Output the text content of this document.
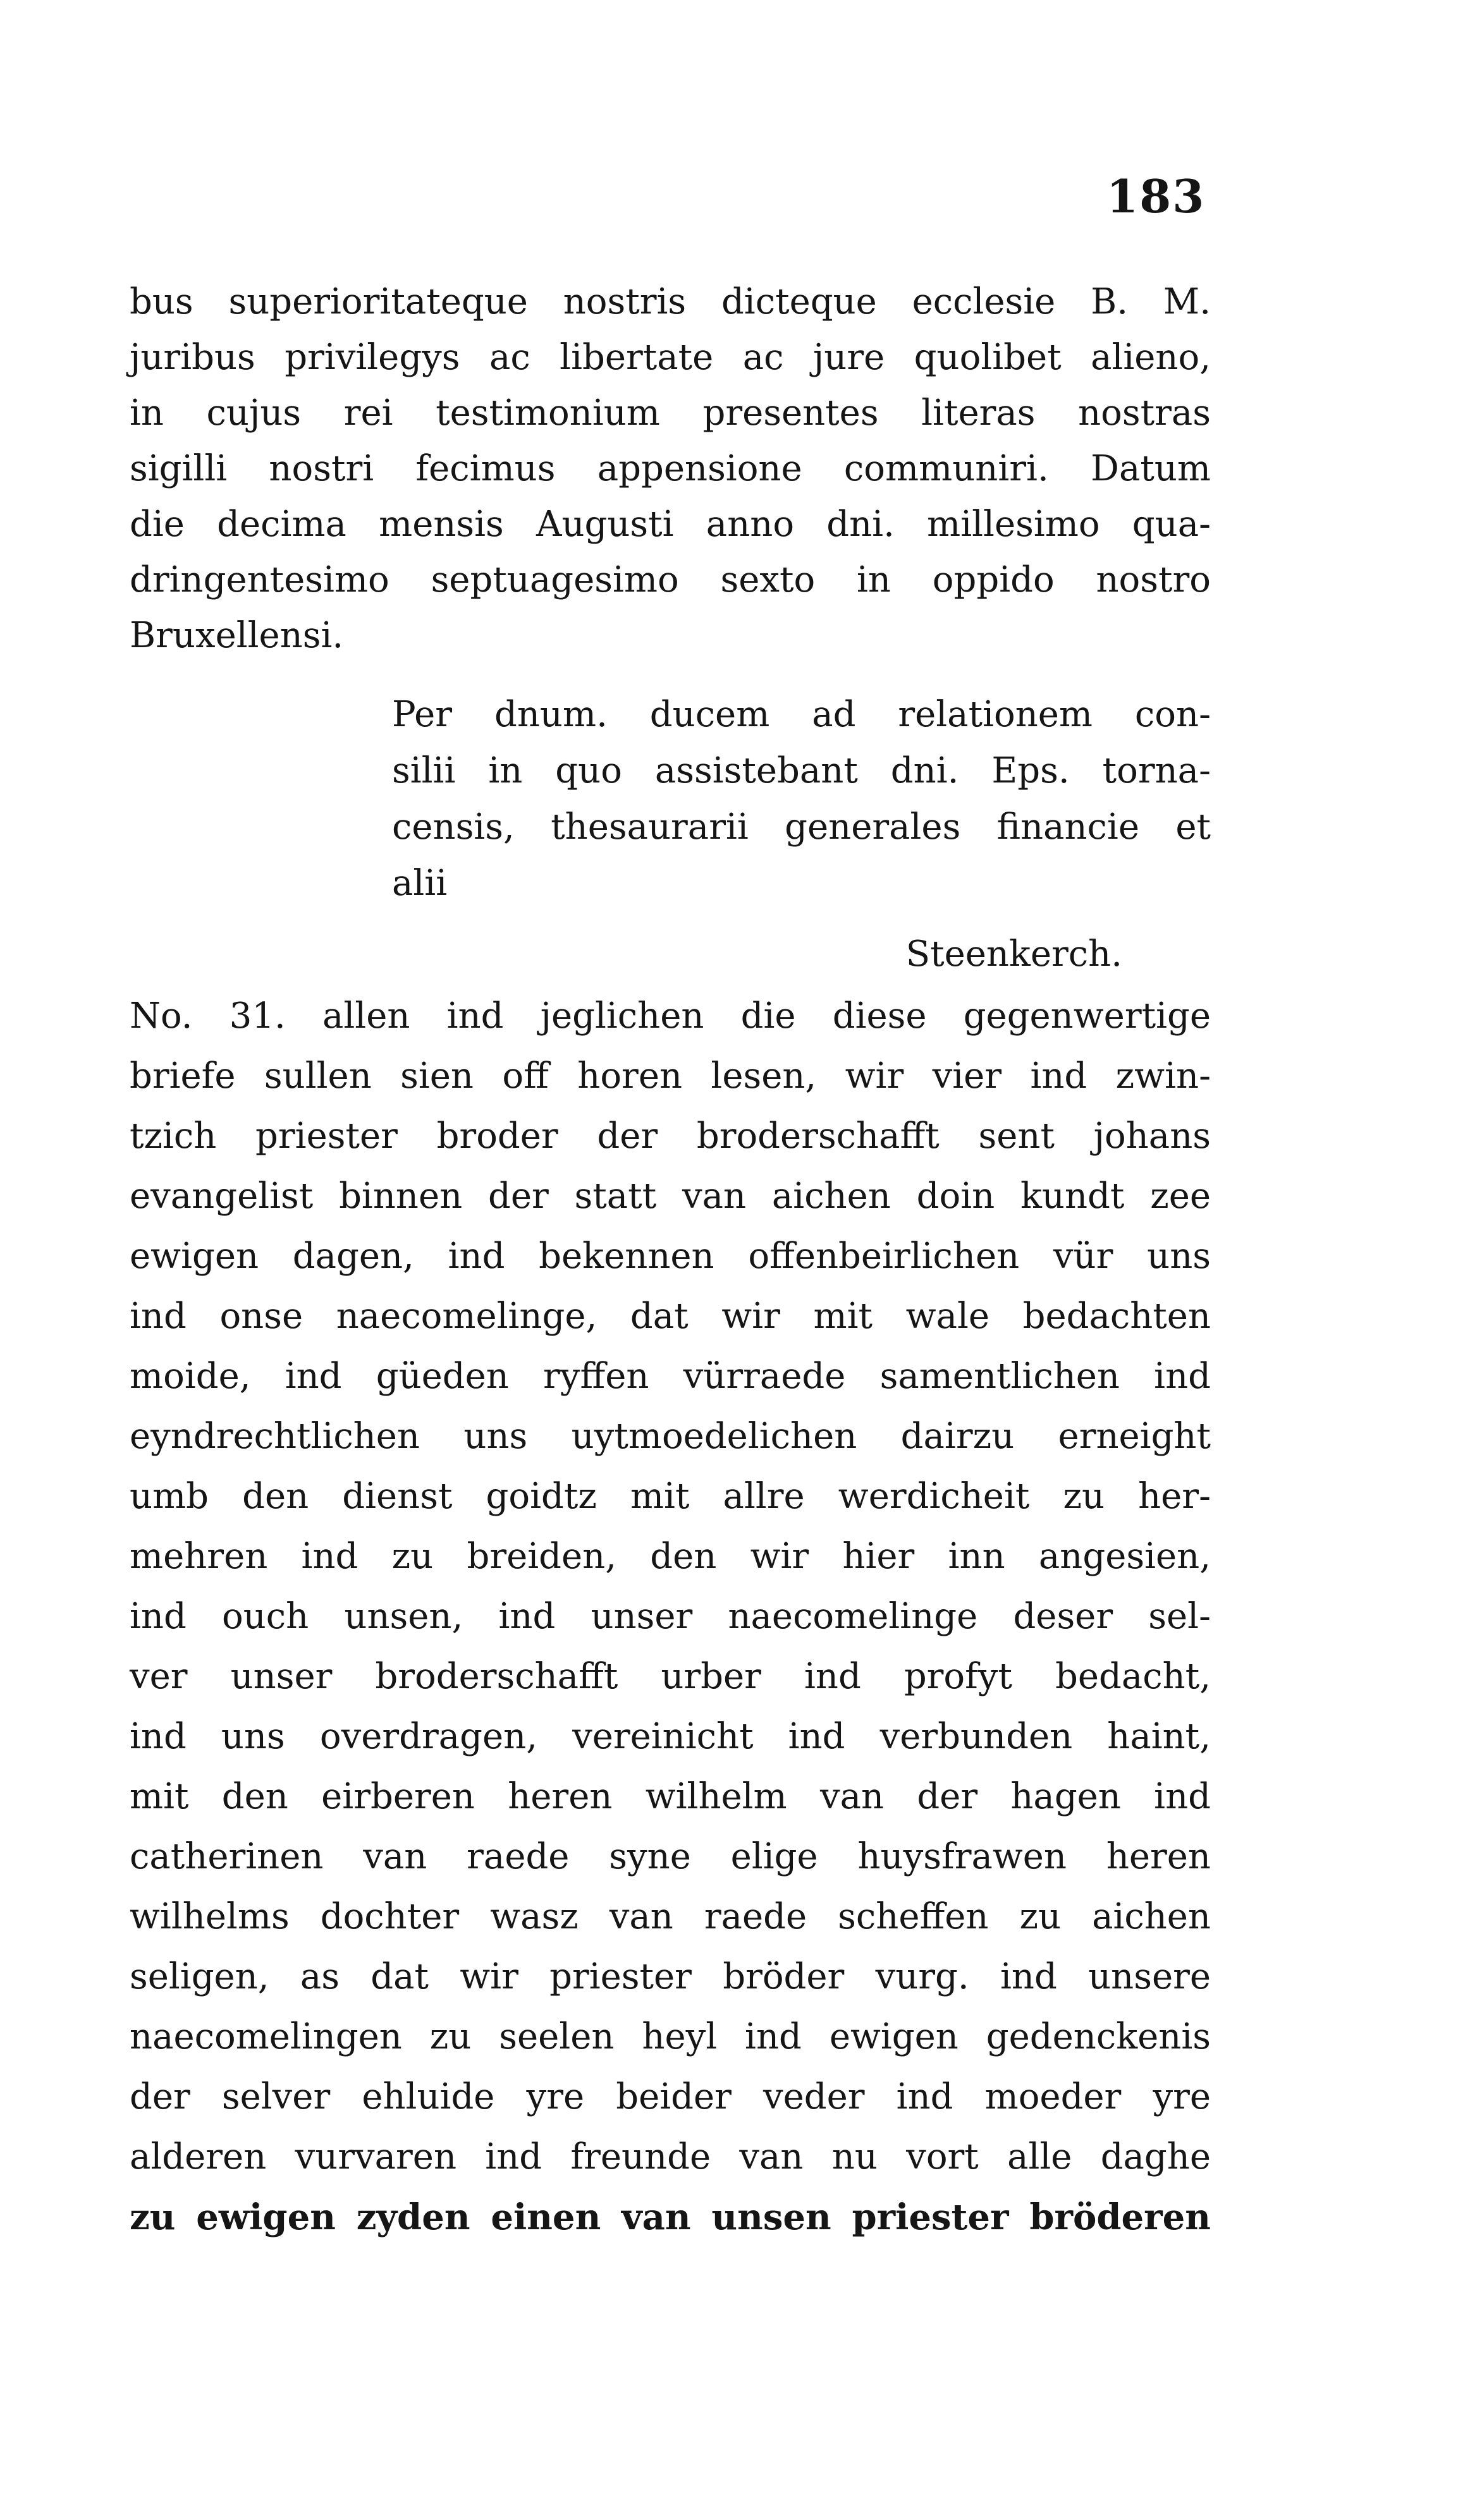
183
bus superioritateque nostris dicteque ecclesie B. M.
juribus privilegys ac libertate ac jure quolibet alieno,
in cujus rei testimonium presentes literas nostras
sigilli nostri fecimus appensione communiri. Datum
die decima mensis Augusti anno dni. millesimo qua-
dringentesimo septuagesimo sexto in oppido nostro
Bruxellensi.
Per dnum. ducem ad relationem con-
silii in quo assistebant dni. Eps. torna-
censis, thesaurarii generales financie et
alii
Steenkerch.
No. 31. allen ind jeglichen die diese gegenwertige
briefe sullen sien off horen lesen, wir vier ind zwin-
tzich priester broder der broderschafft sent johans
evangelist binnen der statt van aichen doin kundt zee
ewigen dagen, ind bekennen offenbeirlichen vür uns
ind onse naecomelinge, dat wir mit wale bedachten
moide, ind güeden ryffen vürraede samentlichen ind
eyndrechtlichen uns uytmoedelichen dairzu erneight
umb den dienst goidtz mit allre werdicheit zu her-
mehren ind zu breiden, den wir hier inn angesien,
ind ouch unsen, ind unser naecomelinge deser sel-
ver unser broderschafft urber ind profyt bedacht,
ind uns overdragen, vereinicht ind verbunden haint,
mit den eirberen heren wilhelm van der hagen ind
catherinen van raede syne elige huysfrawen heren
wilhelms dochter wasz van raede scheffen zu aichen
seligen, as dat wir priester bröder vurg. ind unsere
naecomelingen zu seelen heyl ind ewigen gedenckenis
der selver ehluide yre beider veder ind moeder yre
alderen vurvaren ind freunde van nu vort alle daghe
zu ewigen zyden einen van unsen priester bröderen
